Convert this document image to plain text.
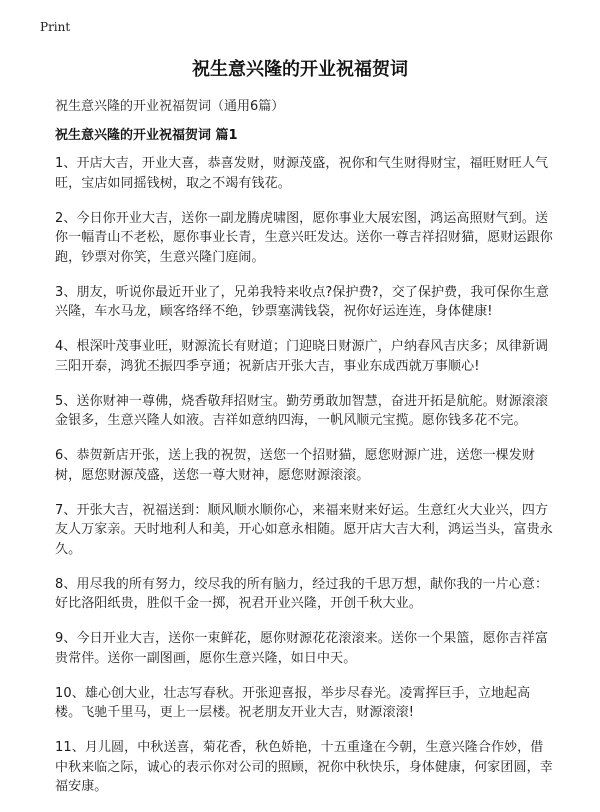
Print
祝生意兴隆的开业祝福贺词
祝生意兴隆的开业祝福贺词（通用6篇）
祝生意兴隆的开业祝福贺词 篇1

1、开店大吉，开业大喜，恭喜发财，财源茂盛，祝你和气生财得财宝，福旺财旺人气旺，宝店如同摇钱树，取之不竭有钱花。

2、今日你开业大吉，送你一副龙腾虎啸图，愿你事业大展宏图，鸿运高照财气到。送你一幅青山不老松，愿你事业长青，生意兴旺发达。送你一尊吉祥招财猫，愿财运跟你跑，钞票对你笑，生意兴隆门庭闹。

3、朋友，听说你最近开业了，兄弟我特来收点?保护费?，交了保护费，我可保你生意兴隆，车水马龙，顾客络绎不绝，钞票塞满钱袋，祝你好运连连，身体健康!

4、根深叶茂事业旺，财源流长有财道；门迎晓日财源广，户纳春风吉庆多；凤律新调三阳开泰，鸿犹丕振四季亨通；祝新店开张大吉，事业东成西就万事顺心!

5、送你财神一尊佛，烧香敬拜招财宝。勤劳勇敢加智慧，奋进开拓是航舵。财源滚滚金银多，生意兴隆人如液。吉祥如意纳四海，一帆风顺元宝揽。愿你钱多花不完。

6、恭贺新店开张，送上我的祝贺，送您一个招财猫，愿您财源广进，送您一棵发财树，愿您财源茂盛，送您一尊大财神，愿您财源滚滚。

7、开张大吉，祝福送到：顺风顺水顺你心，来福来财来好运。生意红火大业兴，四方友人万家亲。天时地利人和美，开心如意永相随。愿开店大吉大利，鸿运当头，富贵永久。

8、用尽我的所有努力，绞尽我的所有脑力，经过我的千思万想，献你我的一片心意：好比洛阳纸贵，胜似千金一掷，祝君开业兴隆，开创千秋大业。

9、今日开业大吉，送你一束鲜花，愿你财源花花滚滚来。送你一个果篮，愿你吉祥富贵常伴。送你一副图画，愿你生意兴隆，如日中天。

10、雄心创大业，壮志写春秋。开张迎喜报，举步尽春光。凌霄挥巨手，立地起高楼。飞驰千里马，更上一层楼。祝老朋友开业大吉，财源滚滚!

11、月儿圆，中秋送喜，菊花香，秋色娇艳，十五重逢在今朝，生意兴隆合作妙，借中秋来临之际，诚心的表示你对公司的照顾，祝你中秋快乐，身体健康，何家团圆，幸福安康。
